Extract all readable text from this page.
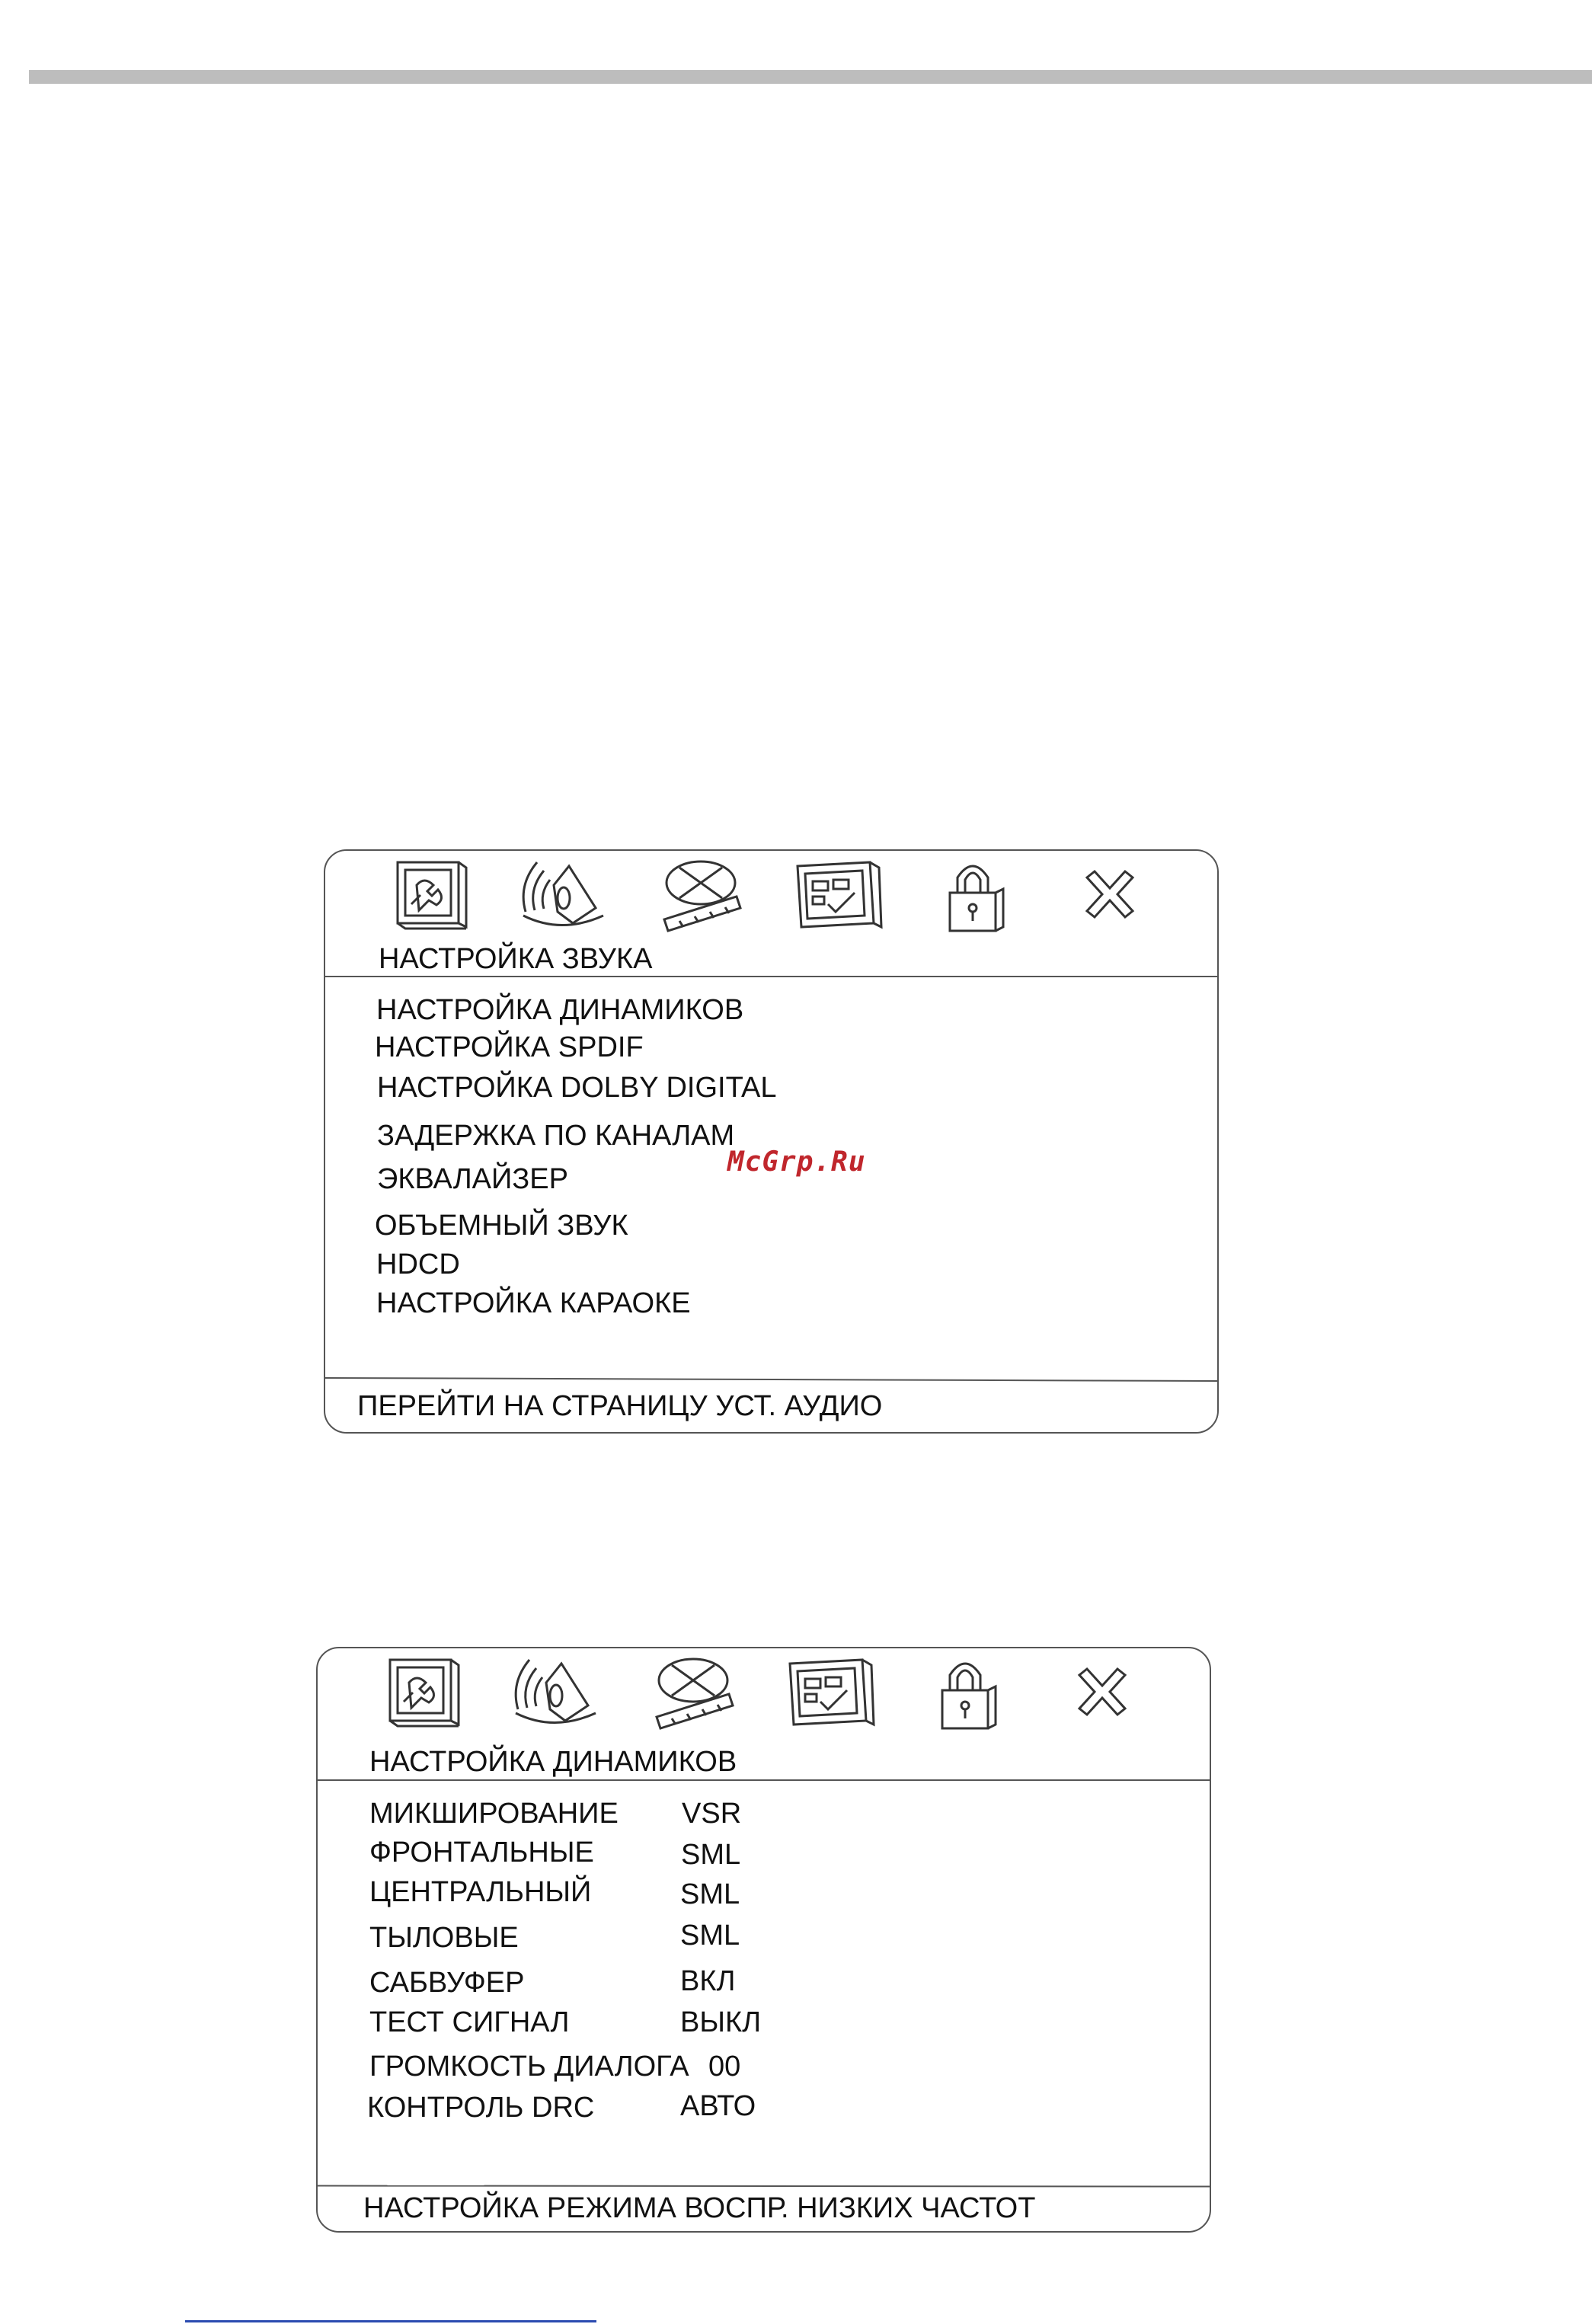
НАСТРОЙКА ЗВУКА
НАСТРОЙКА ДИНАМИКОВ
НАСТРОЙКА SPDIF
НАСТРОЙКА DOLBY DIGITAL
ЗАДЕРЖКА ПО КАНАЛАМ
ЭКВАЛАЙЗЕР
ОБЪЕМНЫЙ ЗВУК
HDCD
НАСТРОЙКА КАРАОКЕ
ПЕРЕЙТИ НА СТРАНИЦУ УСТ. АУДИО
McGrp.Ru
НАСТРОЙКА ДИНАМИКОВ
МИКШИРОВАНИЕ VSR
ФРОНТАЛЬНЫЕ	SML
ЦЕНТРАЛЬНЫЙ	SML
ТЫЛОВЫЕ	SML
САБВУФЕР	ВКЛ
ТЕСТ СИГНАЛ	ВЫКЛ
ГРОМКОСТЬ ДИАЛОГА 00
КОНТРОЛЬ DRC	АВТО
НАСТРОЙКА РЕЖИМА ВОСПР. НИЗКИХ ЧАСТОТ
